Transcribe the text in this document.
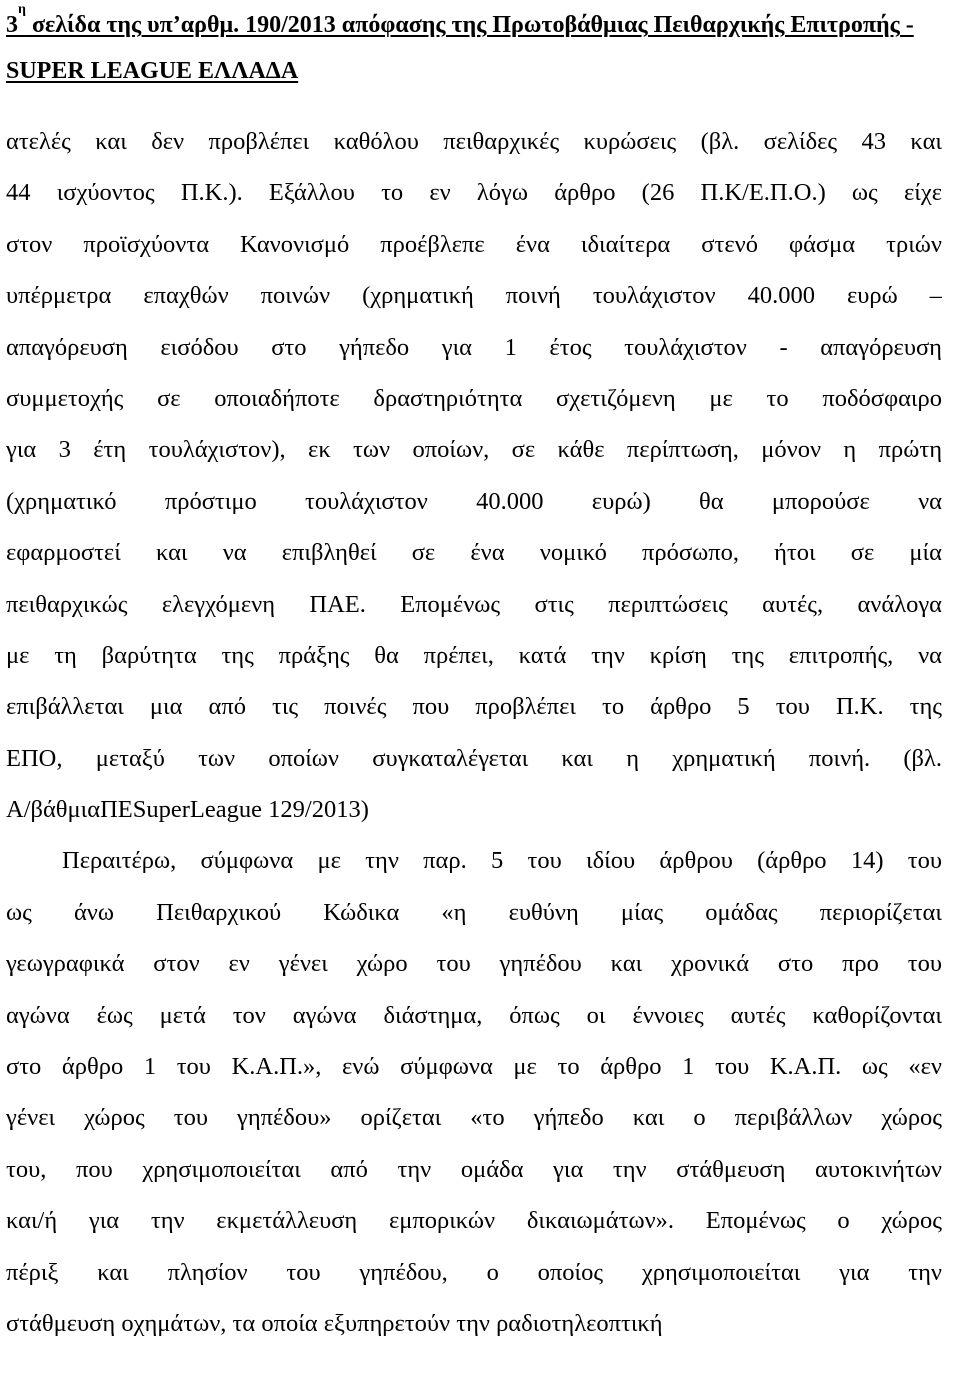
$3^\eta$ σελίδα της υπ’αρθμ. 190/2013 απόφασης της Πρωτοβάθμιας Πειθαρχικής Επιτροπής -
SUPER LEAGUE ΕΛΛΑΔΑ
ατελές και δεν προβλέπει καθόλου πειθαρχικές κυρώσεις (βλ. σελίδες 43 και
44 ισχύοντος Π.Κ.). Εξάλλου το εν λόγω άρθρο (26 Π.Κ/Ε.Π.Ο.) ως είχε
στον προϊσχύοντα Κανονισμό προέβλεπε ένα ιδιαίτερα στενό φάσμα τριών
υπέρμετρα επαχθών ποινών (χρηματική ποινή τουλάχιστον 40.000 ευρώ –
απαγόρευση εισόδου στο γήπεδο για 1 έτος τουλάχιστον - απαγόρευση
συμμετοχής σε οποιαδήποτε δραστηριότητα σχετιζόμενη με το ποδόσφαιρο
για 3 έτη τουλάχιστον), εκ των οποίων, σε κάθε περίπτωση, μόνον η πρώτη
(χρηματικό πρόστιμο τουλάχιστον 40.000 ευρώ) θα μπορούσε να
εφαρμοστεί και να επιβληθεί σε ένα νομικό πρόσωπο, ήτοι σε μία
πειθαρχικώς ελεγχόμενη ΠΑΕ. Επομένως στις περιπτώσεις αυτές, ανάλογα
με τη βαρύτητα της πράξης θα πρέπει, κατά την κρίση της επιτροπής, να
επιβάλλεται μια από τις ποινές που προβλέπει το άρθρο 5 του Π.Κ. της
ΕΠΟ, μεταξύ των οποίων συγκαταλέγεται και η χρηματική ποινή. (βλ.
Α/βάθμιαΠΕSuperLeague 129/2013)
Περαιτέρω, σύμφωνα με την παρ. 5 του ιδίου άρθρου (άρθρο 14) του
ως άνω Πειθαρχικού Κώδικα «η ευθύνη μίας ομάδας περιορίζεται
γεωγραφικά στον εν γένει χώρο του γηπέδου και χρονικά στο προ του
αγώνα έως μετά τον αγώνα διάστημα, όπως οι έννοιες αυτές καθορίζονται
στο άρθρο 1 του Κ.Α.Π.», ενώ σύμφωνα με το άρθρο 1 του Κ.Α.Π. ως «εν
γένει χώρος του γηπέδου» ορίζεται «το γήπεδο και ο περιβάλλων χώρος
του, που χρησιμοποιείται από την ομάδα για την στάθμευση αυτοκινήτων
και/ή για την εκμετάλλευση εμπορικών δικαιωμάτων». Επομένως ο χώρος
πέριξ και πλησίον του γηπέδου, ο οποίος χρησιμοποιείται για την
στάθμευση οχημάτων, τα οποία εξυπηρετούν την ραδιοτηλεοπτική
